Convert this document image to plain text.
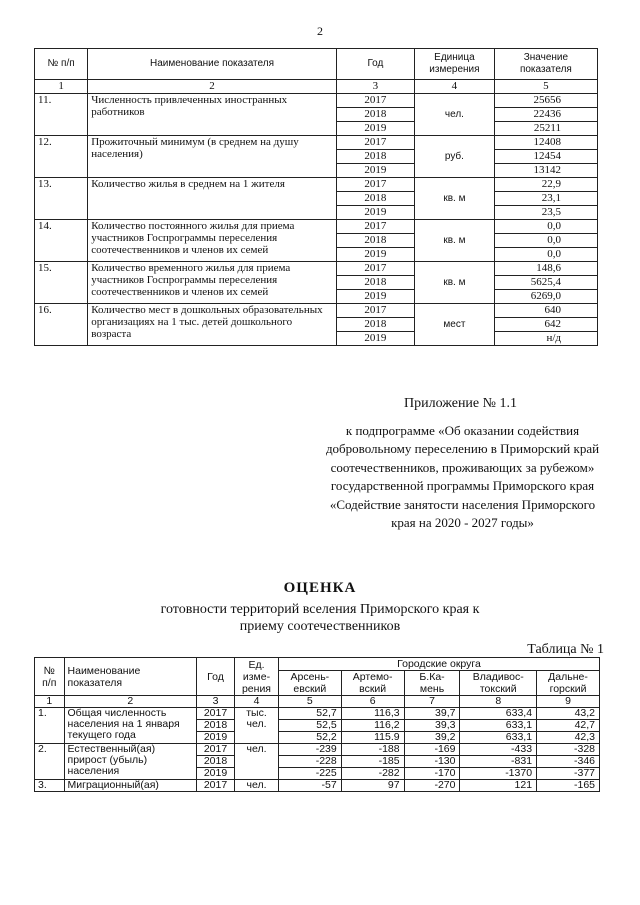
2
№ п/п	Наименование показателя	Год	Единица измерения	Значение показателя
1	2	3	4	5
11.	Численность привлеченных иностранных работников	2017	чел.	25656
		2018		22436
		2019		25211
12.	Прожиточный минимум (в среднем на душу населения)	2017	руб.	12408
		2018		12454
		2019		13142
13.	Количество жилья в среднем на 1 жителя	2017	кв. м	22,9
		2018		23,1
		2019		23,5
14.	Количество постоянного жилья для приема участников Госпрограммы переселения соотечественников и членов их семей	2017	кв. м	0,0
		2018		0,0
		2019		0,0
15.	Количество временного жилья для приема участников Госпрограммы переселения соотечественников и членов их семей	2017	кв. м	148,6
		2018		5625,4
		2019		6269,0
16.	Количество мест в дошкольных образовательных организациях на 1 тыс. детей дошкольного возраста	2017	мест	640
		2018		642
		2019		н/д
Приложение № 1.1
к подпрограмме «Об оказании содействия добровольному переселению в Приморский край соотечественников, проживающих за рубежом» государственной программы Приморского края «Содействие занятости населения Приморского края на 2020 - 2027 годы»
ОЦЕНКА
готовности территорий вселения Приморского края к приему соотечественников
Таблица № 1
№ п/п	Наименование показателя	Год	Ед. изме-рения	Городские округа				
				Арсень-евский	Артемо-вский	Б.Ка-мень	Владивос-токский	Дальне-горский
1	2	3	4	5	6	7	8	9
1.	Общая численность населения на 1 января текущего года	2017	тыс. чел.	52,7	116,3	39,7	633,4	43,2
		2018		52,5	116,2	39,3	633,1	42,7
		2019		52,2	115.9	39,2	633,1	42,3
2.	Естественный(ая) прирост (убыль) населения	2017	чел.	-239	-188	-169	-433	-328
		2018		-228	-185	-130	-831	-346
		2019		-225	-282	-170	-1370	-377
3.	Миграционный(ая)	2017	чел.	-57	97	-270	121	-165
